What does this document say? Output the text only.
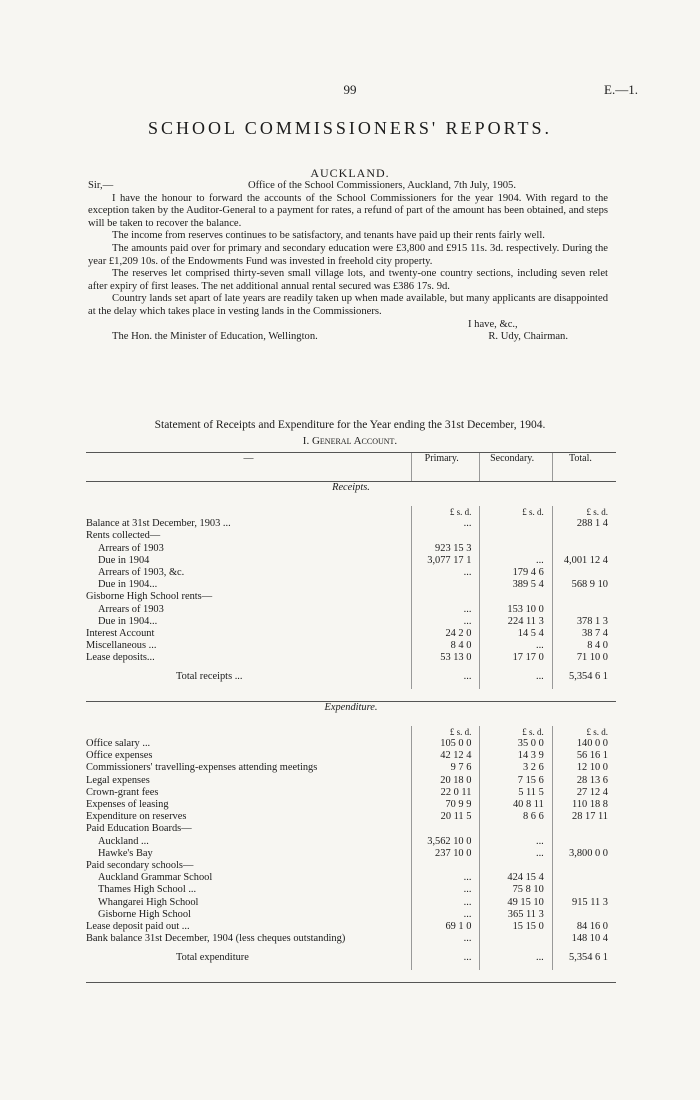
99	E.—1.
SCHOOL COMMISSIONERS' REPORTS.
AUCKLAND.

Sir,—	Office of the School Commissioners, Auckland, 7th July, 1905.

I have the honour to forward the accounts of the School Commissioners for the year 1904. With regard to the exception taken by the Auditor-General to a payment for rates, a refund of part of the amount has been obtained, and steps will be taken to recover the balance.

The income from reserves continues to be satisfactory, and tenants have paid up their rents fairly well.

The amounts paid over for primary and secondary education were £3,800 and £915 11s. 3d. respectively. During the year £1,209 10s. of the Endowments Fund was invested in freehold city property.

The reserves let comprised thirty-seven small village lots, and twenty-one country sections, including seven relet after expiry of first leases. The net additional annual rental secured was £386 17s. 9d.

Country lands set apart of late years are readily taken up when made available, but many applicants are disappointed at the delay which takes place in vesting lands in the Commissioners.

I have, &c.,

The Hon. the Minister of Education, Wellington.	R. Udy, Chairman.

Statement of Receipts and Expenditure for the Year ending the 31st December, 1904.
I. General Account.
—	Primary.	Secondary.	Total.
Receipts.			
	£ s. d.	£ s. d.	£ s. d.
Balance at 31st December, 1903 ...	...		288 1 4
Rents collected—			
Arrears of 1903	923 15 3		
Due in 1904	3,077 17 1	...	4,001 12 4
Arrears of 1903, &c.	...	179 4 6	
Due in 1904...		389 5 4	568 9 10
Gisborne High School rents—			
Arrears of 1903	...	153 10 0	
Due in 1904...	...	224 11 3	378 1 3
Interest Account	24 2 0	14 5 4	38 7 4
Miscellaneous ...	8 4 0	...	8 4 0
Lease deposits...	53 13 0	17 17 0	71 10 0
Total receipts ...	...	...	5,354 6 1

Expenditure.			
	£ s. d.	£ s. d.	£ s. d.
Office salary ...	105 0 0	35 0 0	140 0 0
Office expenses	42 12 4	14 3 9	56 16 1
Commissioners' travelling-expenses attending meetings	9 7 6	3 2 6	12 10 0
Legal expenses	20 18 0	7 15 6	28 13 6
Crown-grant fees	22 0 11	5 11 5	27 12 4
Expenses of leasing	70 9 9	40 8 11	110 18 8
Expenditure on reserves	20 11 5	8 6 6	28 17 11
Paid Education Boards—			
Auckland ...	3,562 10 0	...	
Hawke's Bay	237 10 0	...	3,800 0 0
Paid secondary schools—			
Auckland Grammar School	...	424 15 4	
Thames High School ...	...	75 8 10	
Whangarei High School	...	49 15 10	915 11 3
Gisborne High School	...	365 11 3	
Lease deposit paid out ...	69 1 0	15 15 0	84 16 0
Bank balance 31st December, 1904 (less cheques outstanding)	...		148 10 4
Total expenditure	...	...	5,354 6 1
